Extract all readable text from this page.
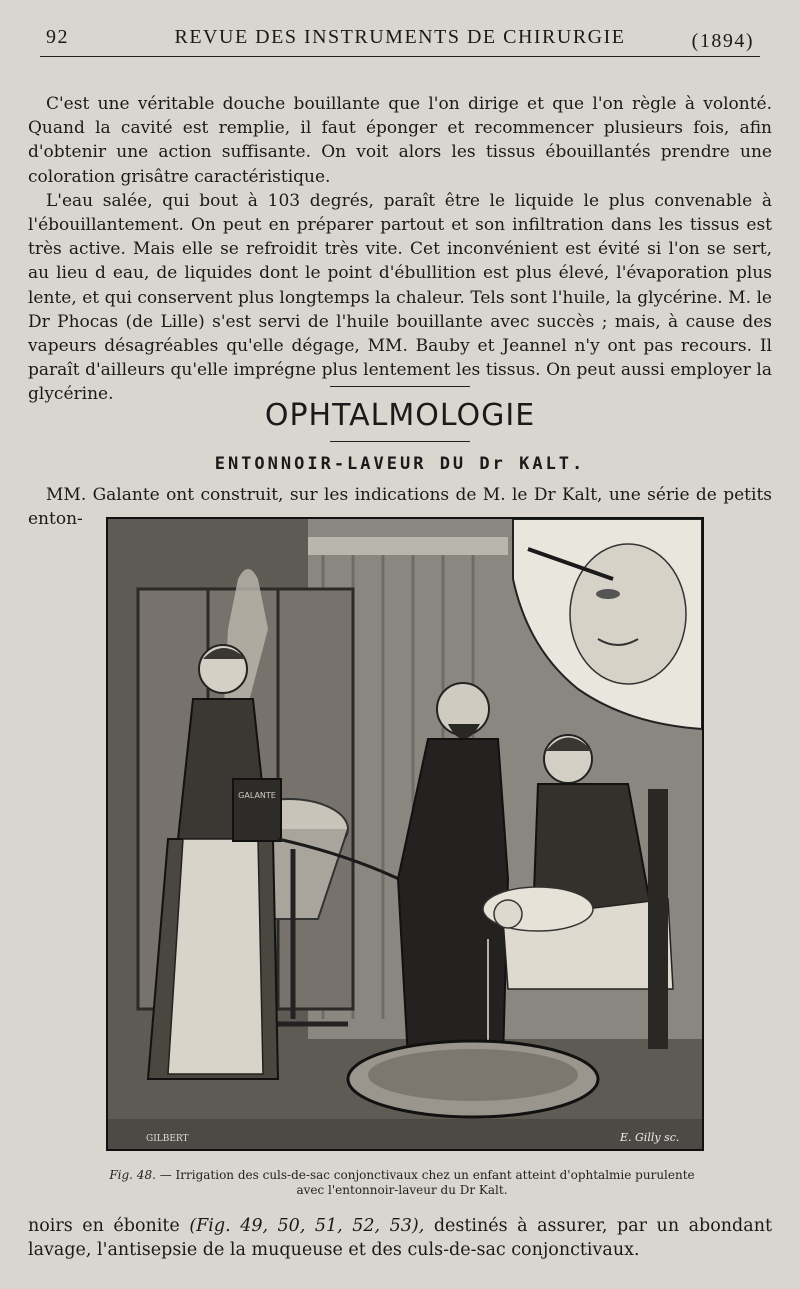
92	REVUE DES INSTRUMENTS DE CHIRURGIE	(1894)

C'est une véritable douche bouillante que l'on dirige et que l'on règle à volonté. Quand la cavité est remplie, il faut éponger et recommencer plusieurs fois, afin d'obtenir une action suffisante. On voit alors les tissus ébouillantés prendre une coloration grisâtre caractéristique.

L'eau salée, qui bout à 103 degrés, paraît être le liquide le plus convenable à l'ébouillantement. On peut en préparer partout et son infiltration dans les tissus est très active. Mais elle se refroidit très vite. Cet inconvénient est évité si l'on se sert, au lieu d eau, de liquides dont le point d'ébullition est plus élevé, l'évaporation plus lente, et qui conservent plus longtemps la chaleur. Tels sont l'huile, la glycérine. M. le Dr Phocas (de Lille) s'est servi de l'huile bouillante avec succès ; mais, à cause des vapeurs désagréables qu'elle dégage, MM. Bauby et Jeannel n'y ont pas recours. Il paraît d'ailleurs qu'elle imprégne plus lentement les tissus. On peut aussi employer la glycérine.

OPHTALMOLOGIE
ENTONNOIR-LAVEUR DU Dr KALT.

MM. Galante ont construit, sur les indications de M. le Dr Kalt, une série de petits enton-

GALANTE
GILBERT	E. Gilly sc.
Fig. 48. — Irrigation des culs-de-sac conjonctivaux chez un enfant atteint d'ophtalmie purulente avec l'entonnoir-laveur du Dr Kalt.

noirs en ébonite (Fig. 49, 50, 51, 52, 53), destinés à assurer, par un abondant lavage, l'antisepsie de la muqueuse et des culs-de-sac conjonctivaux.
